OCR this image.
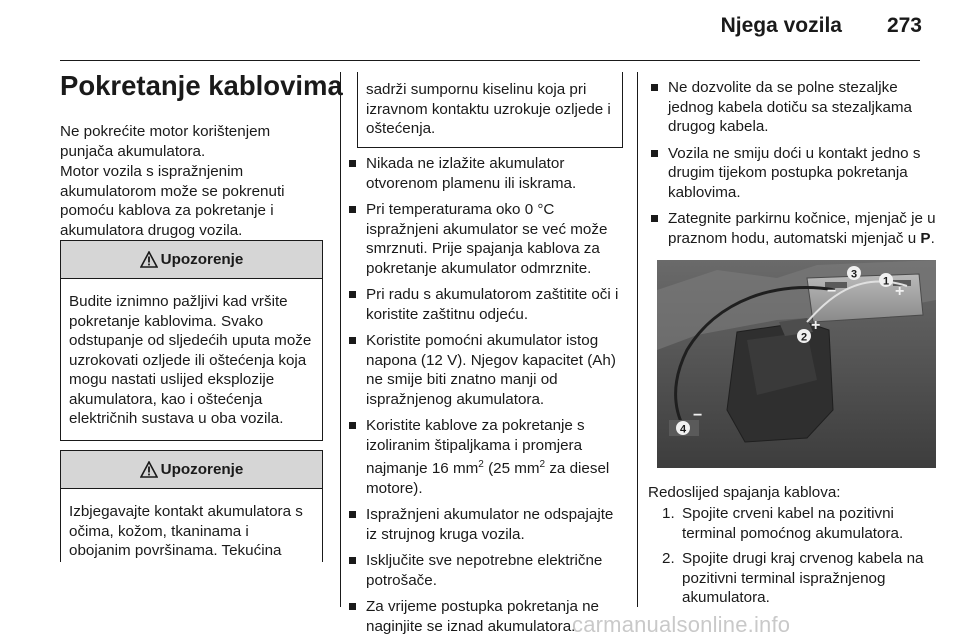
Njega vozila 273
Pokretanje kablovima

Ne pokrećite motor korištenjem punjača akumulatora.

Motor vozila s ispražnjenim akumulatorom može se pokrenuti pomoću kablova za pokretanje i akumulatora drugog vozila.

Upozorenje
Budite iznimno pažljivi kad vršite pokretanje kablovima. Svako odstupanje od sljedećih uputa može uzrokovati ozljede ili oštećenja koja mogu nastati uslijed eksplozije akumulatora, kao i oštećenja električnih sustava u oba vozila.
Upozorenje
Izbjegavajte kontakt akumulatora s očima, kožom, tkaninama i obojanim površinama. Tekućina
sadrži sumpornu kiselinu koja pri izravnom kontaktu uzrokuje ozljede i oštećenja.
Nikada ne izlažite akumulator otvorenom plamenu ili iskrama.
Pri temperaturama oko 0 °C ispražnjeni akumulator se već može smrznuti. Prije spajanja kablova za pokretanje akumulator odmrznite.
Pri radu s akumulatorom zaštitite oči i koristite zaštitnu odjeću.
Koristite pomoćni akumulator istog napona (12 V). Njegov kapacitet (Ah) ne smije biti znatno manji od ispražnjenog akumulatora.
Koristite kablove za pokretanje s izoliranim štipaljkama i promjera najmanje 16 $mm^2$ (25 $mm^2$ za diesel motore).
Ispražnjeni akumulator ne odspajajte iz strujnog kruga vozila.
Isključite sve nepotrebne električne potrošače.
Za vrijeme postupka pokretanja ne naginjite se iznad akumulatora.
Ne dozvolite da se polne stezaljke jednog kabela dotiču sa stezaljkama drugog kabela.
Vozila ne smiju doći u kontakt jedno s drugim tijekom postupka pokretanja kablovima.
Zategnite parkirnu kočnice, mjenjač je u praznom hodu, automatski mjenjač u P.
1
2
3
4
+
+
−
−

Redoslijed spajanja kablova:

1. Spojite crveni kabel na pozitivni terminal pomoćnog akumulatora.
2. Spojite drugi kraj crvenog kabela na pozitivni terminal ispražnjenog akumulatora.
carmanualsonline.info
